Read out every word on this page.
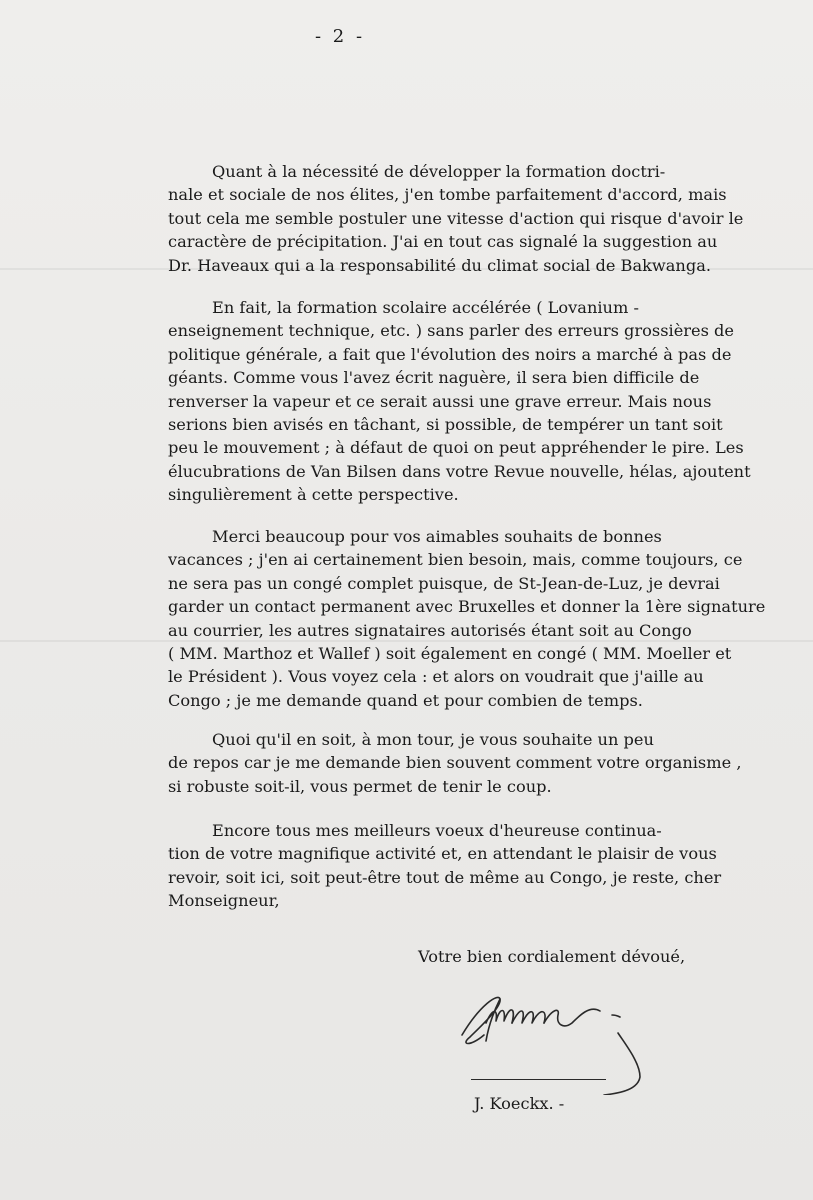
- 2 -
Quant à la nécessité de développer la formation doctri-
nale et sociale de nos élites, j'en tombe parfaitement d'accord, mais
tout cela me semble postuler une vitesse d'action qui risque d'avoir le
caractère de précipitation. J'ai en tout cas signalé la suggestion au
Dr. Haveaux qui a la responsabilité du climat social de Bakwanga.
En fait, la formation scolaire accélérée ( Lovanium -
enseignement technique, etc. ) sans parler des erreurs grossières de
politique générale, a fait que l'évolution des noirs a marché à pas de
géants. Comme vous l'avez écrit naguère, il sera bien difficile de
renverser la vapeur et ce serait aussi une grave erreur. Mais nous
serions bien avisés en tâchant, si possible, de tempérer un tant soit
peu le mouvement ; à défaut de quoi on peut appréhender le pire. Les
élucubrations de Van Bilsen dans votre Revue nouvelle, hélas, ajoutent
singulièrement à cette perspective.
Merci beaucoup pour vos aimables souhaits de bonnes
vacances ; j'en ai certainement bien besoin, mais, comme toujours, ce
ne sera pas un congé complet puisque, de St-Jean-de-Luz, je devrai
garder un contact permanent avec Bruxelles et donner la 1ère signature
au courrier, les autres signataires autorisés étant soit au Congo
( MM. Marthoz et Wallef ) soit également en congé ( MM. Moeller et
le Président ). Vous voyez cela : et alors on voudrait que j'aille au
Congo ; je me demande quand et pour combien de temps.
Quoi qu'il en soit, à mon tour, je vous souhaite un peu
de repos car je me demande bien souvent comment votre organisme ,
si robuste soit-il, vous permet de tenir le coup.
Encore tous mes meilleurs voeux d'heureuse continua-
tion de votre magnifique activité et, en attendant le plaisir de vous
revoir, soit ici, soit peut-être tout de même au Congo, je reste, cher
Monseigneur,
Votre bien cordialement dévoué,
J. Koeckx. -
